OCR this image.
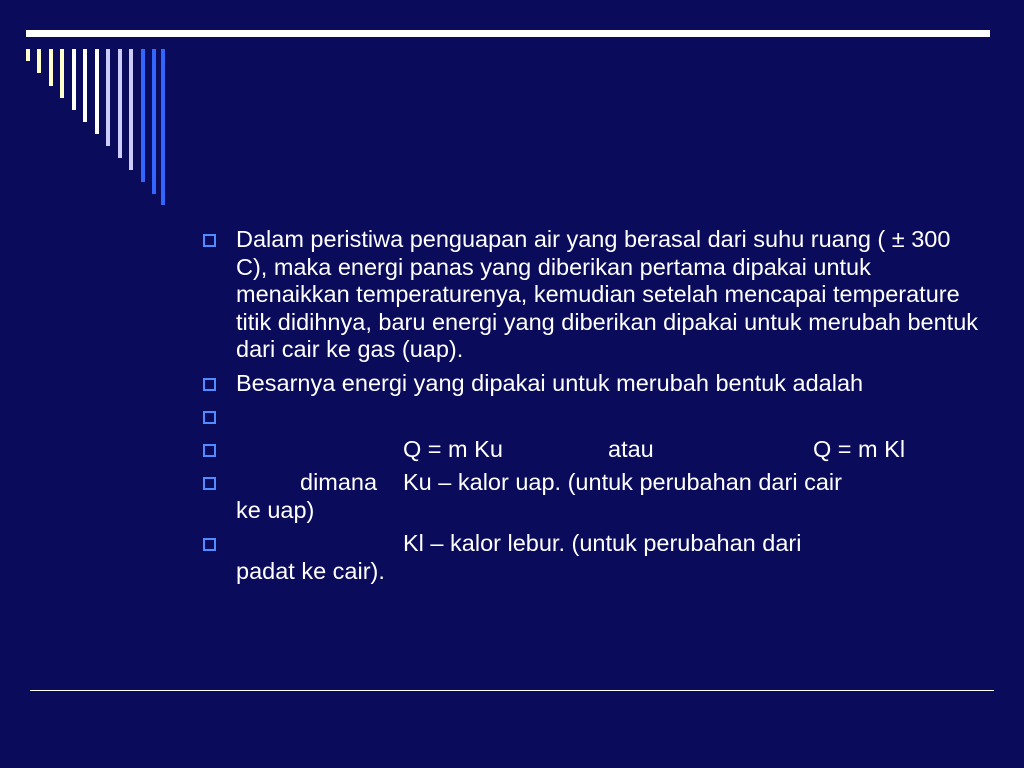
Dalam peristiwa penguapan air yang berasal dari suhu ruang ( ± 300 C), maka energi panas yang diberikan pertama dipakai untuk menaikkan temperaturenya, kemudian setelah mencapai temperature titik didihnya, baru energi yang diberikan dipakai untuk merubah bentuk dari cair ke gas (uap).
Besarnya energi yang dipakai untuk merubah bentuk adalah
Q = m Ku	atau	Q = m Kl
dimana Ku – kalor uap. (untuk perubahan dari cair
ke uap)
Kl – kalor lebur. (untuk perubahan dari
padat ke cair).
